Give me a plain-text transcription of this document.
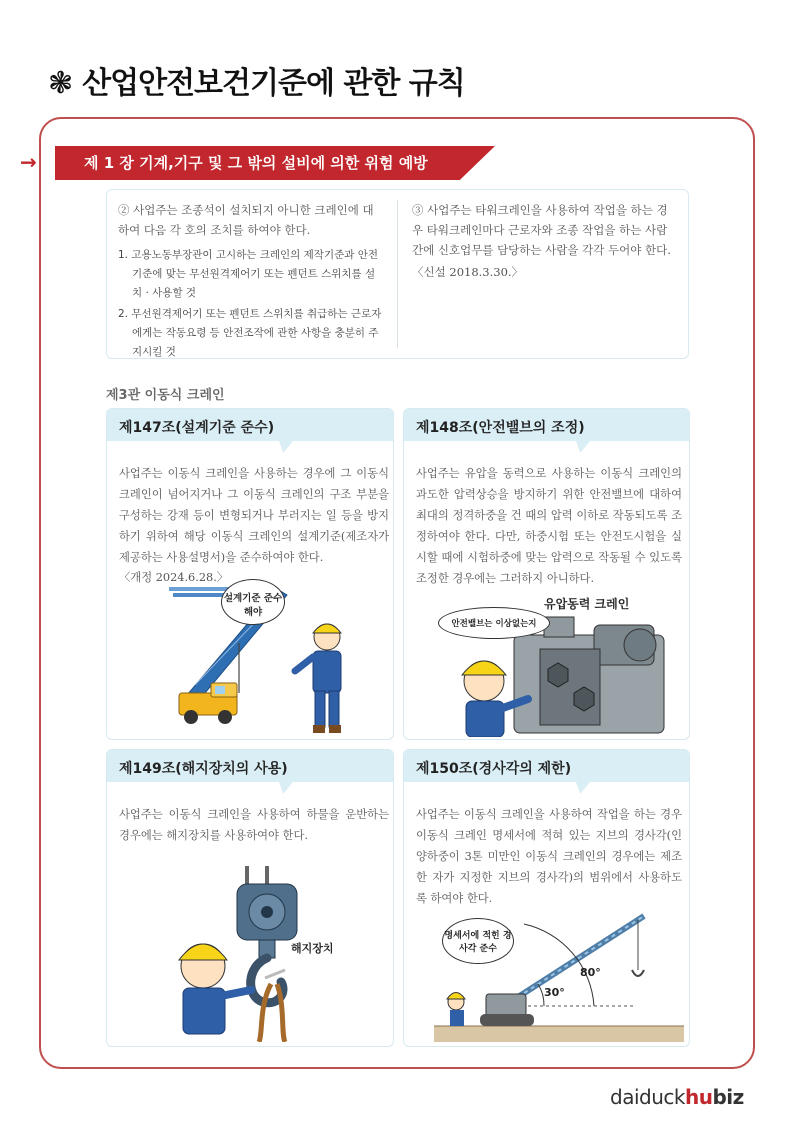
❃ 산업안전보건기준에 관한 규칙
→	제 1 장 기계,기구 및 그 밖의 설비에 의한 위험 예방
② 사업주는 조종석이 설치되지 아니한 크레인에 대하여 다음 각 호의 조치를 하여야 한다.
1. 고용노동부장관이 고시하는 크레인의 제작기준과 안전기준에 맞는 무선원격제어기 또는 펜던트 스위치를 설치 · 사용할 것
2. 무선원격제어기 또는 펜던트 스위치를 취급하는 근로자에게는 작동요령 등 안전조작에 관한 사항을 충분히 주지시킬 것
③ 사업주는 타워크레인을 사용하여 작업을 하는 경우 타워크레인마다 근로자와 조종 작업을 하는 사람 간에 신호업무를 담당하는 사람을 각각 두어야 한다.
〈신설 2018.3.30.〉
제3관 이동식 크레인
제147조(설계기준 준수)
사업주는 이동식 크레인을 사용하는 경우에 그 이동식 크레인이 넘어지거나 그 이동식 크레인의 구조 부분을 구성하는 강재 등이 변형되거나 부러지는 일 등을 방지하기 위하여 해당 이동식 크레인의 설계기준(제조자가 제공하는 사용설명서)을 준수하여야 한다.
〈개정 2024.6.28.〉
설계기준 준수해야
제148조(안전밸브의 조정)
사업주는 유압을 동력으로 사용하는 이동식 크레인의 과도한 압력상승을 방지하기 위한 안전밸브에 대하여 최대의 정격하중을 건 때의 압력 이하로 작동되도록 조정하여야 한다. 다만, 하중시험 또는 안전도시험을 실시할 때에 시험하중에 맞는 압력으로 작동될 수 있도록 조정한 경우에는 그러하지 아니하다.
안전밸브는 이상없는지
유압동력 크레인
제149조(해지장치의 사용)
사업주는 이동식 크레인을 사용하여 하물을 운반하는 경우에는 해지장치를 사용하여야 한다.
해지장치
제150조(경사각의 제한)
사업주는 이동식 크레인을 사용하여 작업을 하는 경우 이동식 크레인 명세서에 적혀 있는 지브의 경사각(인양하중이 3톤 미만인 이동식 크레인의 경우에는 제조한 자가 지정한 지브의 경사각)의 범위에서 사용하도록 하여야 한다.
명세서에 적힌 경사각 준수
30°
80°
daiduckhubiz
